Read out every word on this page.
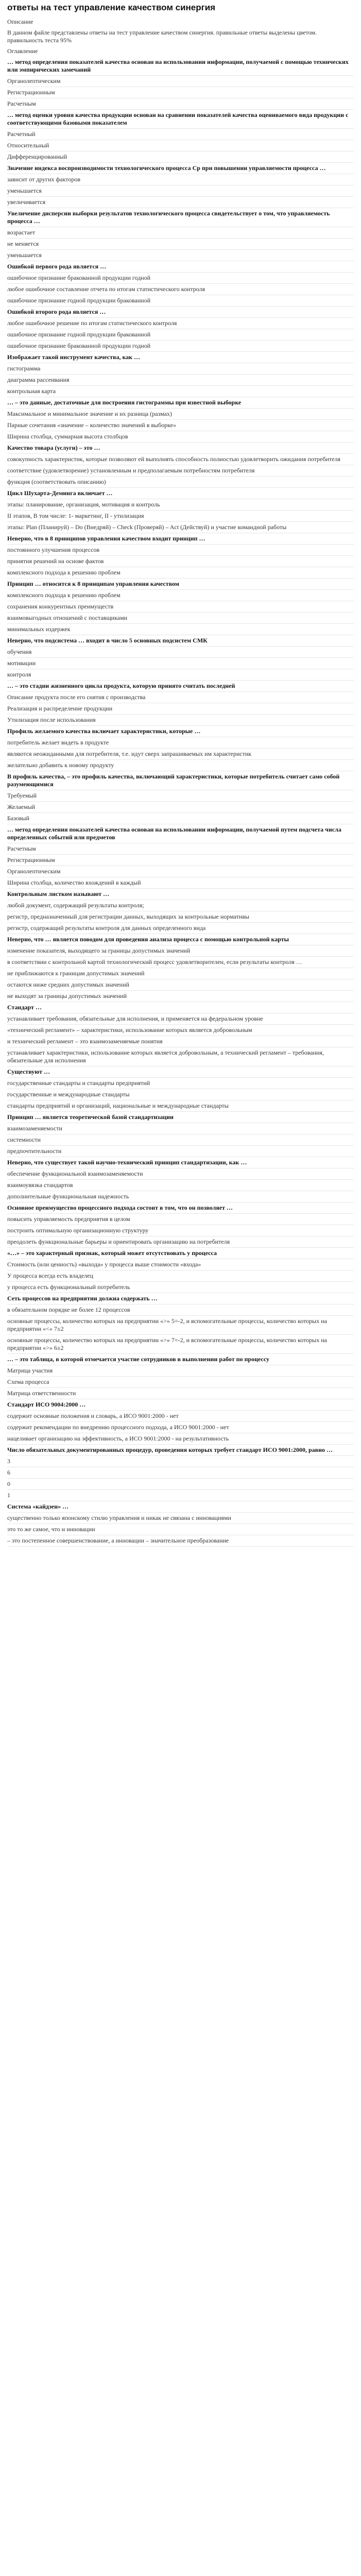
ответы на тест управление качеством синергия
Описание
В данном файле представлены ответы на тест управление качеством синергия. правильные ответы выделены цветом. правильность теста 95%
Оглавление
… метод определения показателей качества основан на использовании информации, получаемой с помощью технических или эмпирических замечаний
Органолептическим
Регистрационным
Расчетным
… метод оценки уровня качества продукции основан на сравнении показателей качества оцениваемого вида продукции с соответствующими базовыми показателем
Расчетный
Относительный
Дифференцированный
Значение индекса воспроизводимости технологического процесса Cp при повышении управляемости процесса …
зависит от других факторов
уменьшается
увеличивается
Увеличение дисперсии выборки результатов технологического процесса свидетельствует о том, что управляемость процесса …
возрастает
не меняется
уменьшается
Ошибкой первого рода является …
ошибочное признание бракованной продукции годной
любое ошибочное составление отчета по итогам статистического контроля
ошибочное признание годной продукции бракованной
Ошибкой второго рода является …
любое ошибочное решение по итогам статистического контроля
ошибочное признание годной продукции бракованной
ошибочное признание бракованной продукции годной
Изображает такой инструмент качества, как …
гистограмма
диаграмма рассеивания
контрольная карта
… – это данные, достаточные для построения гистограммы при известной выборке
Максимальное и минимальное значение и их разница (размах)
Парные сочетания «значение – количество значений в выборке»
Ширина столбца, суммарная высота столбцов
Качество товара (услуги) – это …
совокупность характеристик, которые позволяют ей выполнять способность полностью удовлетворить ожидания потребителя
соответствие (удовлетворение) установленным и предполагаемым потребностям потребителя
функция (соответствовать описанию)
Цикл Шухарта-Деминга включает …
этапы: планирование, организация, мотивация и контроль
II этапов, В том числе: 1- маркетинг, II - утилизация
этапы: Plan (Планируй) – Do (Внедряй) – Check (Проверяй) – Act (Действуй) и участие командной работы
Неверно, что в 8 принципов управления качеством входит принцип …
постоянного улучшения процессов
принятия решений на основе фактов
комплексного подхода к решению проблем
Принцип … относится к 8 принципам управления качеством
комплексного подхода к решению проблем
сохранения конкурентных преимуществ
взаимовыгодных отношений с поставщиками
минимальных издержек
Неверно, что подсистема … входит в число 5 основных подсистем СМК
обучения
мотивации
контроля
… – это стадии жизненного цикла продукта, которую принято считать последней
Описание продукта после его снятия с производства
Реализация и распределение продукции
Утилизация после использования
Профиль желаемого качества включает характеристики, которые …
потребитель желает видеть в продукте
являются неожиданными для потребителя, т.е. идут сверх запрашиваемых им характеристик
желательно добавить к новому продукту
В профиль качества, – это профиль качества, включающий характеристики, которые потребитель считает само собой разумеющимися
Требуемый
Желаемый
Базовый
… метод определения показателей качества основан на использовании информации, получаемой путем подсчета числа определенных событий или предметов
Расчетным
Регистрационным
Органолептическим
Ширина столбца, количество вхождений в каждый
Контрольным листком называют …
любой документ, содержащий результаты контроля;
регистр, предназначенный для регистрации данных, выходящих за контрольные нормативы
регистр, содержащий результаты контроля для данных определенного вида
Неверно, что … является поводом для проведения анализа процесса с помощью контрольной карты
изменение показателя, выходящего за границы допустимых значений
в соответствии с контрольной картой технологический процесс удовлетворителен, если результаты контроля …
не приближаются к границам допустимых значений
остаются ниже средних допустимых значений
не выходят за границы допустимых значений
Стандарт …
устанавливает требования, обязательные для исполнения, и применяется на федеральном уровне
«технический регламент» – характеристики, использование которых является добровольным
и технический регламент – это взаимозаменяемые понятия
устанавливает характеристики, использование которых является добровольным, а технический регламент – требования, обязательные для исполнения
Существуют …
государственные стандарты и стандарты предприятий
государственные и международные стандарты
стандарты предприятий и организаций, национальные и международные стандарты
Принцип … является теоретической базой стандартизации
взаимозаменяемости
системности
предпочтительности
Неверно, что существует такой научно-технический принцип стандартизации, как …
обеспечение функциональной взаимозаменяемости
взаимоувязка стандартов
дополнительные функциональная надежность
Основное преимущество процессного подхода состоит в том, что он позволяет …
повысить управляемость предприятия в целом
построить оптимальную организационную структуру
преодолеть функциональные барьеры и ориентировать организацию на потребителя
«…» – это характерный признак, который может отсутствовать у процесса
Стоимость (или ценность) «выхода» у процесса выше стоимости «входа»
У процесса всегда есть владелец
у процесса есть функциональный потребитель
Сеть процессов на предприятии должна содержать …
в обязательном порядке не более 12 процессов
основные процессы, количество которых на предприятии «>» 5=-2, и вспомогательные процессы, количество которых на предприятии «<» 7±2
основные процессы, количество которых на предприятии «>» 7=-2, и вспомогательные процессы, количество которых на предприятии «>» 6±2
… – это таблица, в которой отмечается участие сотрудников в выполнении работ по процессу
Матрица участия
Схема процесса
Матрица ответственности
Стандарт ИСО 9004:2000 …
содержит основные положения и словарь, а ИСО 9001:2000 - нет
содержит рекомендации по внедрению процессного подхода, а ИСО 9001:2000 - нет
нацеливает организацию на эффективность, а ИСО 9001:2000 - на результативность
Число обязательных документированных процедур, проведения которых требует стандарт ИСО 9001:2000, равно …
3
6
0
1
Система «кайдзен» …
существенно только японскому стилю управления и никак не связана с инновациями
это то же самое, что и инновации
– это постепенное совершенствование, а инновации – значительное преобразование
